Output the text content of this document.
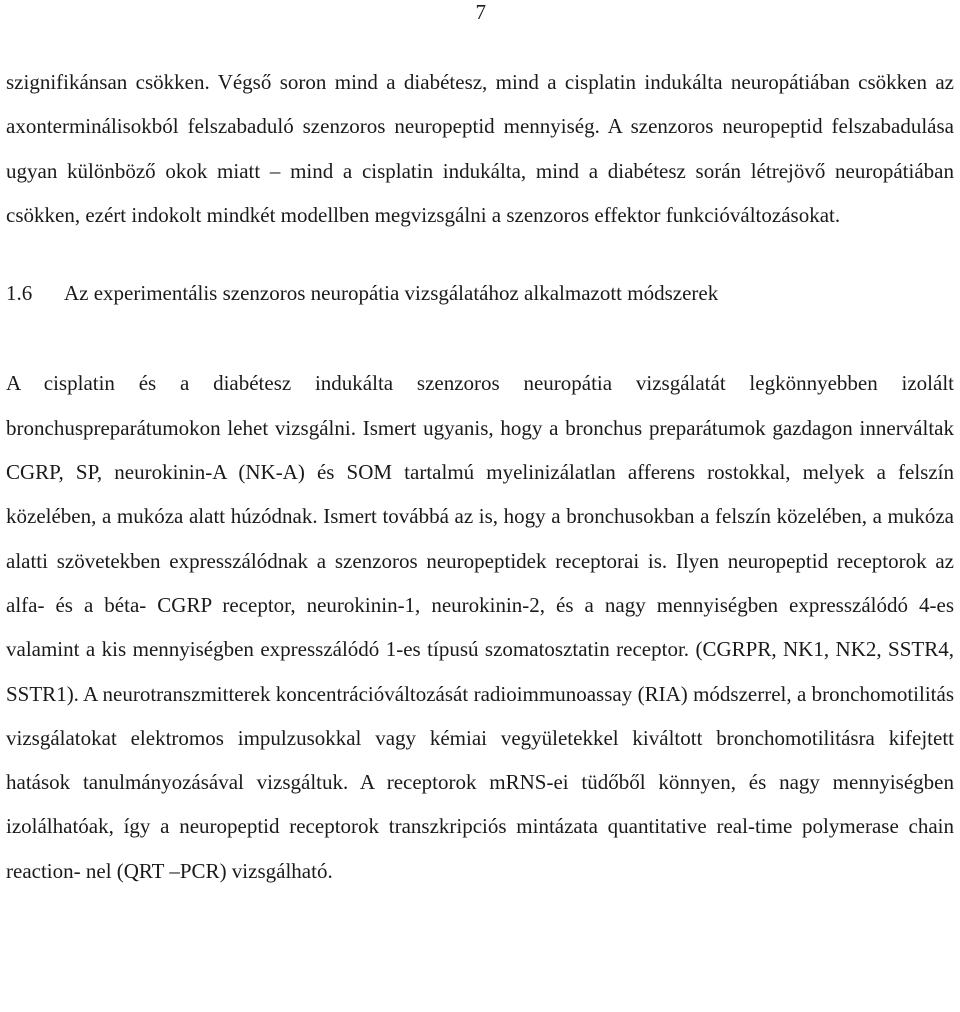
7

szignifikánsan csökken. Végső soron mind a diabétesz, mind a cisplatin indukálta neuropátiában csökken az axonterminálisokból felszabaduló szenzoros neuropeptid mennyiség. A szenzoros neuropeptid felszabadulása ugyan különböző okok miatt – mind a cisplatin indukálta, mind a diabétesz során létrejövő neuropátiában csökken, ezért indokolt mindkét modellben megvizsgálni a szenzoros effektor funkcióváltozásokat.

1.6	Az experimentális szenzoros neuropátia vizsgálatához alkalmazott módszerek

A cisplatin és a diabétesz indukálta szenzoros neuropátia vizsgálatát legkönnyebben izolált bronchuspreparátumokon lehet vizsgálni. Ismert ugyanis, hogy a bronchus preparátumok gazdagon innerváltak CGRP, SP, neurokinin-A (NK-A) és SOM tartalmú myelinizálatlan afferens rostokkal, melyek a felszín közelében, a mukóza alatt húzódnak. Ismert továbbá az is, hogy a bronchusokban a felszín közelében, a mukóza alatti szövetekben expresszálódnak a szenzoros neuropeptidek receptorai is. Ilyen neuropeptid receptorok az alfa- és a béta- CGRP receptor, neurokinin-1, neurokinin-2, és a nagy mennyiségben expresszálódó 4-es valamint a kis mennyiségben expresszálódó 1-es típusú szomatosztatin receptor. (CGRPR, NK1, NK2, SSTR4, SSTR1). A neurotranszmitterek koncentrációváltozását radioimmunoassay (RIA) módszerrel, a bronchomotilitás vizsgálatokat elektromos impulzusokkal vagy kémiai vegyületekkel kiváltott bronchomotilitásra kifejtett hatások tanulmányozásával vizsgáltuk. A receptorok mRNS-ei tüdőből könnyen, és nagy mennyiségben izolálhatóak, így a neuropeptid receptorok transzkripciós mintázata quantitative real-time polymerase chain reaction- nel (QRT –PCR) vizsgálható.
